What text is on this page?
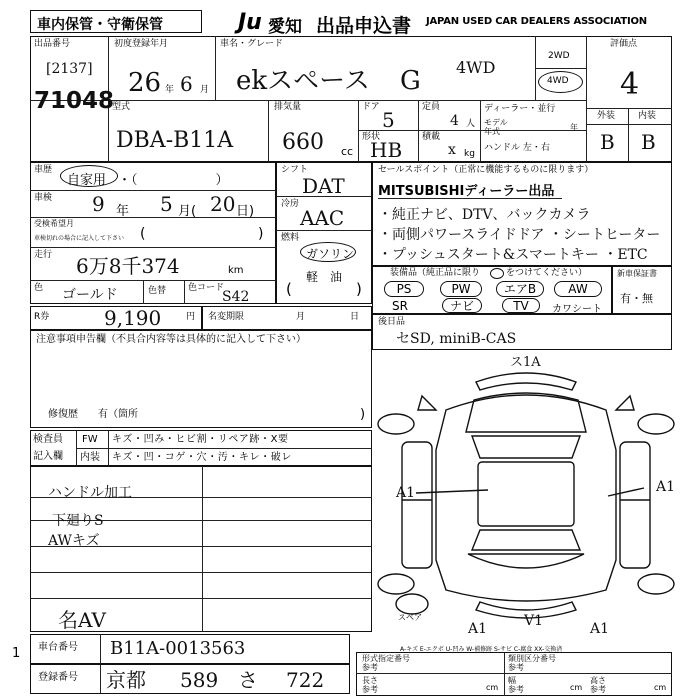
車内保管・守衛保管	Ju 愛知 出品申込書 JAPAN USED CAR DEALERS ASSOCIATION
出品番号
[2137]
71048
初度登録年月
26 年 6 月
車名・グレード
ekスペース G 4WD
2WD
4WD
評価点
4
型式
DBA-B11A
排気量
660 cc
ドア
5
定員
4 人
形状
HB
積載
x kg
ディーラー・並行
モデル
年式	年
ハンドル 左・右
外装	内装
B B
車歴
自家用 ・（　　　　　　）
車検 9 年 5 月( 20 日)
受検希望月
車検切れの場合に記入して下さい (	)
走行 6万8千374	km
色 ゴールド	色替 色コード
S42
シフト
DAT
冷房
AAC
燃料
ガソリン
軽　油
(	)
セールスポイント（正常に機能するものに限ります）
MITSUBISHIディーラー出品
・純正ナビ、DTV、バックカメラ
・両側パワースライドドア ・シートヒーター
・プッシュスタート&スマートキー ・ETC
装備品（純正品に限り	をつけてください）
PS	PW	エアB	AW
SR	ナビ	TV	カワシート
新車保証書
有・無
R券	9,190	円 名変期限	月	日 後日品
セSD, miniB-CAS
注意事項申告欄（不具合内容等は具体的に記入して下さい）
修復歴　　有（箇所	)
検査員
記入欄
FW キズ・凹み・ヒビ割・リペア跡・X要
内装 キズ・凹・コゲ・穴・汚・キレ・破レ
ハンドル加工
下廻りS
AWキズ
名AV
ス1A
A1	A1
スペア
A1	V1	A1
A-キズ E-エクボ U-凹み W-補修跡 S-サビ C-腐食 XX-交換済
1 車台番号 B11A-0013563
登録番号 京都 589 さ 722
形式指定番号
参考
類別区分番号
参考
長さ
参考	cm
幅
参考	cm
高さ
参考	cm
